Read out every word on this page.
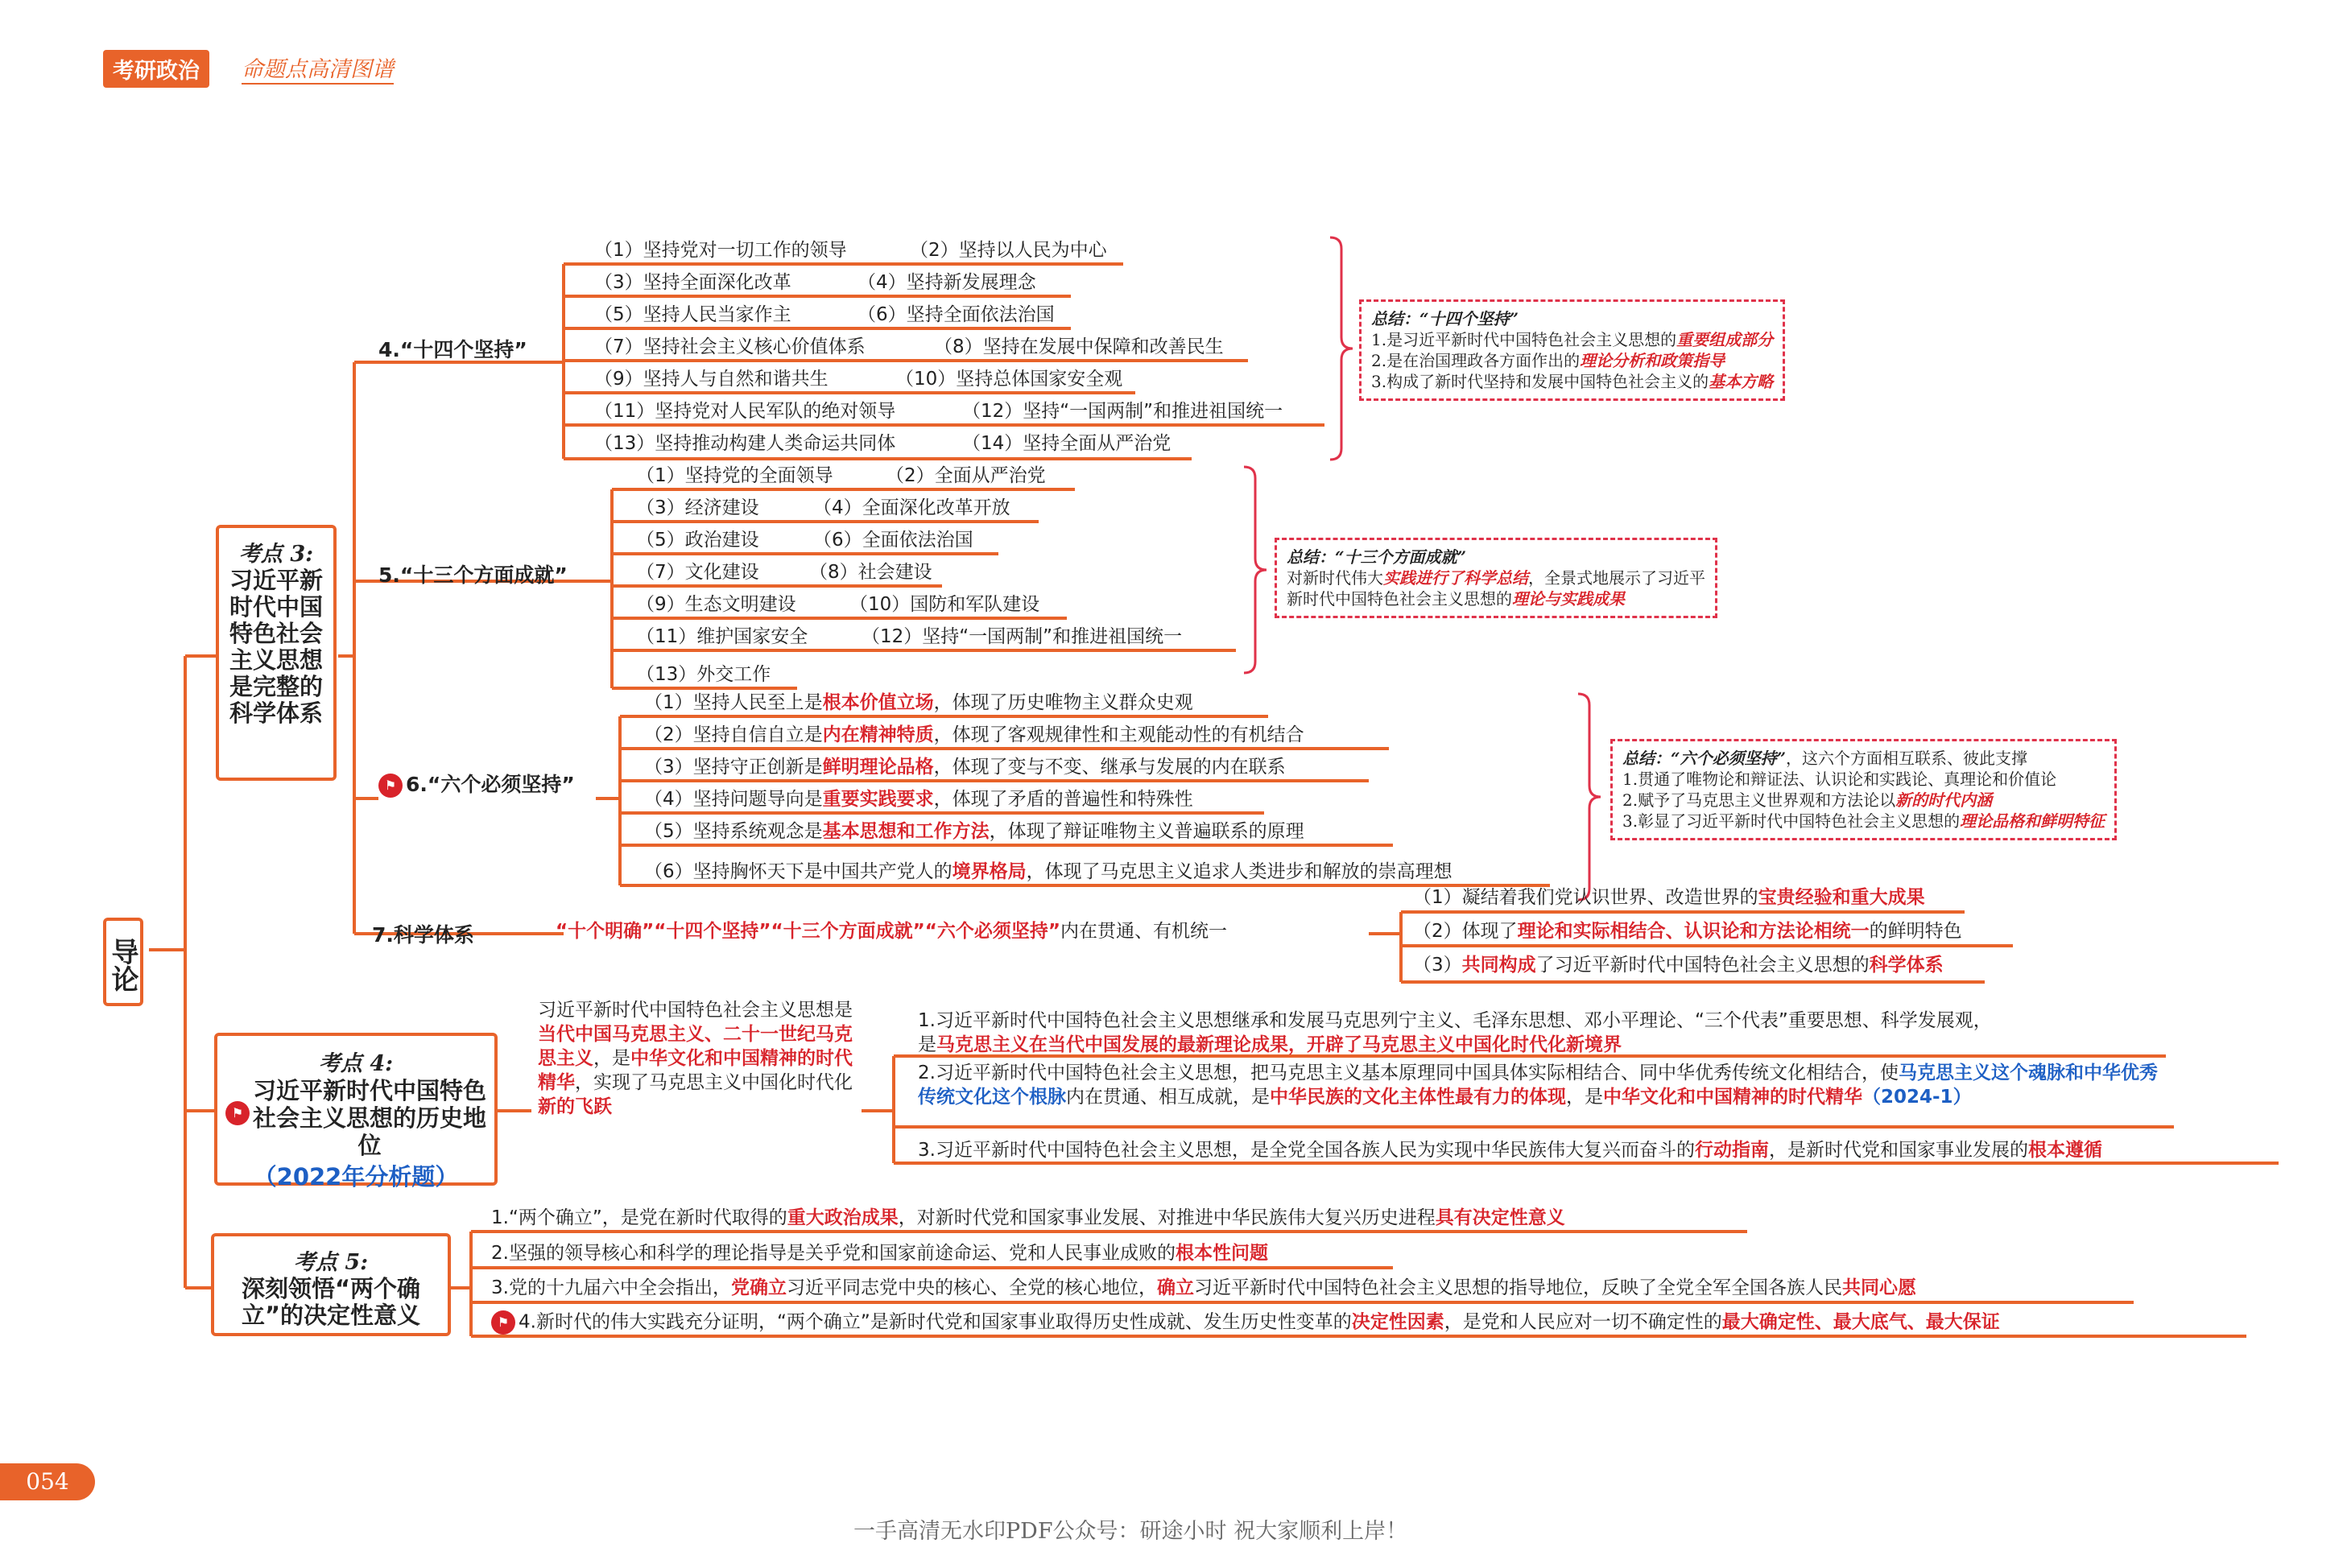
考研政治	命题点高清图谱
导论
考点 3:
习近平新时代中国特色社会主义思想是完整的科学体系
4.“十四个坚持”
（1）坚持党对一切工作的领导	（2）坚持以人民为中心
（3）坚持全面深化改革	（4）坚持新发展理念
（5）坚持人民当家作主	（6）坚持全面依法治国
（7）坚持社会主义核心价值体系	（8）坚持在发展中保障和改善民生
（9）坚持人与自然和谐共生	（10）坚持总体国家安全观
（11）坚持党对人民军队的绝对领导	（12）坚持“一国两制”和推进祖国统一
（13）坚持推动构建人类命运共同体	（14）坚持全面从严治党
总结：“十四个坚持”
1.是习近平新时代中国特色社会主义思想的重要组成部分
2.是在治国理政各方面作出的理论分析和政策指导
3.构成了新时代坚持和发展中国特色社会主义的基本方略
5.“十三个方面成就”
（1）坚持党的全面领导	（2）全面从严治党
（3）经济建设	（4）全面深化改革开放
（5）政治建设	（6）全面依法治国
（7）文化建设	（8）社会建设
（9）生态文明建设	（10）国防和军队建设
（11）维护国家安全	（12）坚持“一国两制”和推进祖国统一
（13）外交工作
总结：“十三个方面成就”
对新时代伟大实践进行了科学总结，全景式地展示了习近平
新时代中国特色社会主义思想的理论与实践成果
⚑ 6.“六个必须坚持”
（1）坚持人民至上是根本价值立场，体现了历史唯物主义群众史观
（2）坚持自信自立是内在精神特质，体现了客观规律性和主观能动性的有机结合
（3）坚持守正创新是鲜明理论品格，体现了变与不变、继承与发展的内在联系
（4）坚持问题导向是重要实践要求，体现了矛盾的普遍性和特殊性
（5）坚持系统观念是基本思想和工作方法，体现了辩证唯物主义普遍联系的原理
（6）坚持胸怀天下是中国共产党人的境界格局，体现了马克思主义追求人类进步和解放的崇高理想
总结：“六个必须坚持”，这六个方面相互联系、彼此支撑
1.贯通了唯物论和辩证法、认识论和实践论、真理论和价值论
2.赋予了马克思主义世界观和方法论以新的时代内涵
3.彰显了习近平新时代中国特色社会主义思想的理论品格和鲜明特征
7.科学体系	“十个明确”“十四个坚持”“十三个方面成就”“六个必须坚持”内在贯通、有机统一
（1）凝结着我们党认识世界、改造世界的宝贵经验和重大成果
（2）体现了理论和实际相结合、认识论和方法论相统一的鲜明特色
（3）共同构成了习近平新时代中国特色社会主义思想的科学体系
考点 4:
⚑
习近平新时代中国特色社会主义思想的历史地位
（2022年分析题）
习近平新时代中国特色社会主义思想是当代中国马克思主义、二十一世纪马克思主义，是中华文化和中国精神的时代精华，实现了马克思主义中国化时代化新的飞跃
1.习近平新时代中国特色社会主义思想继承和发展马克思列宁主义、毛泽东思想、邓小平理论、“三个代表”重要思想、科学发展观，
是马克思主义在当代中国发展的最新理论成果，开辟了马克思主义中国化时代化新境界
2.习近平新时代中国特色社会主义思想，把马克思主义基本原理同中国具体实际相结合、同中华优秀传统文化相结合，使马克思主义这个魂脉和中华优秀传统文化这个根脉内在贯通、相互成就，是中华民族的文化主体性最有力的体现，是中华文化和中国精神的时代精华（2024-1）
3.习近平新时代中国特色社会主义思想，是全党全国各族人民为实现中华民族伟大复兴而奋斗的行动指南，是新时代党和国家事业发展的根本遵循
考点 5:
深刻领悟“两个确立”的决定性意义
1.“两个确立”，是党在新时代取得的重大政治成果，对新时代党和国家事业发展、对推进中华民族伟大复兴历史进程具有决定性意义
2.坚强的领导核心和科学的理论指导是关乎党和国家前途命运、党和人民事业成败的根本性问题
3.党的十九届六中全会指出，党确立习近平同志党中央的核心、全党的核心地位，确立习近平新时代中国特色社会主义思想的指导地位，反映了全党全军全国各族人民共同心愿
⚑ 4.新时代的伟大实践充分证明，“两个确立”是新时代党和国家事业取得历史性成就、发生历史性变革的决定性因素，是党和人民应对一切不确定性的最大确定性、最大底气、最大保证
054
一手高清无水印PDF公众号：研途小时 祝大家顺利上岸！
